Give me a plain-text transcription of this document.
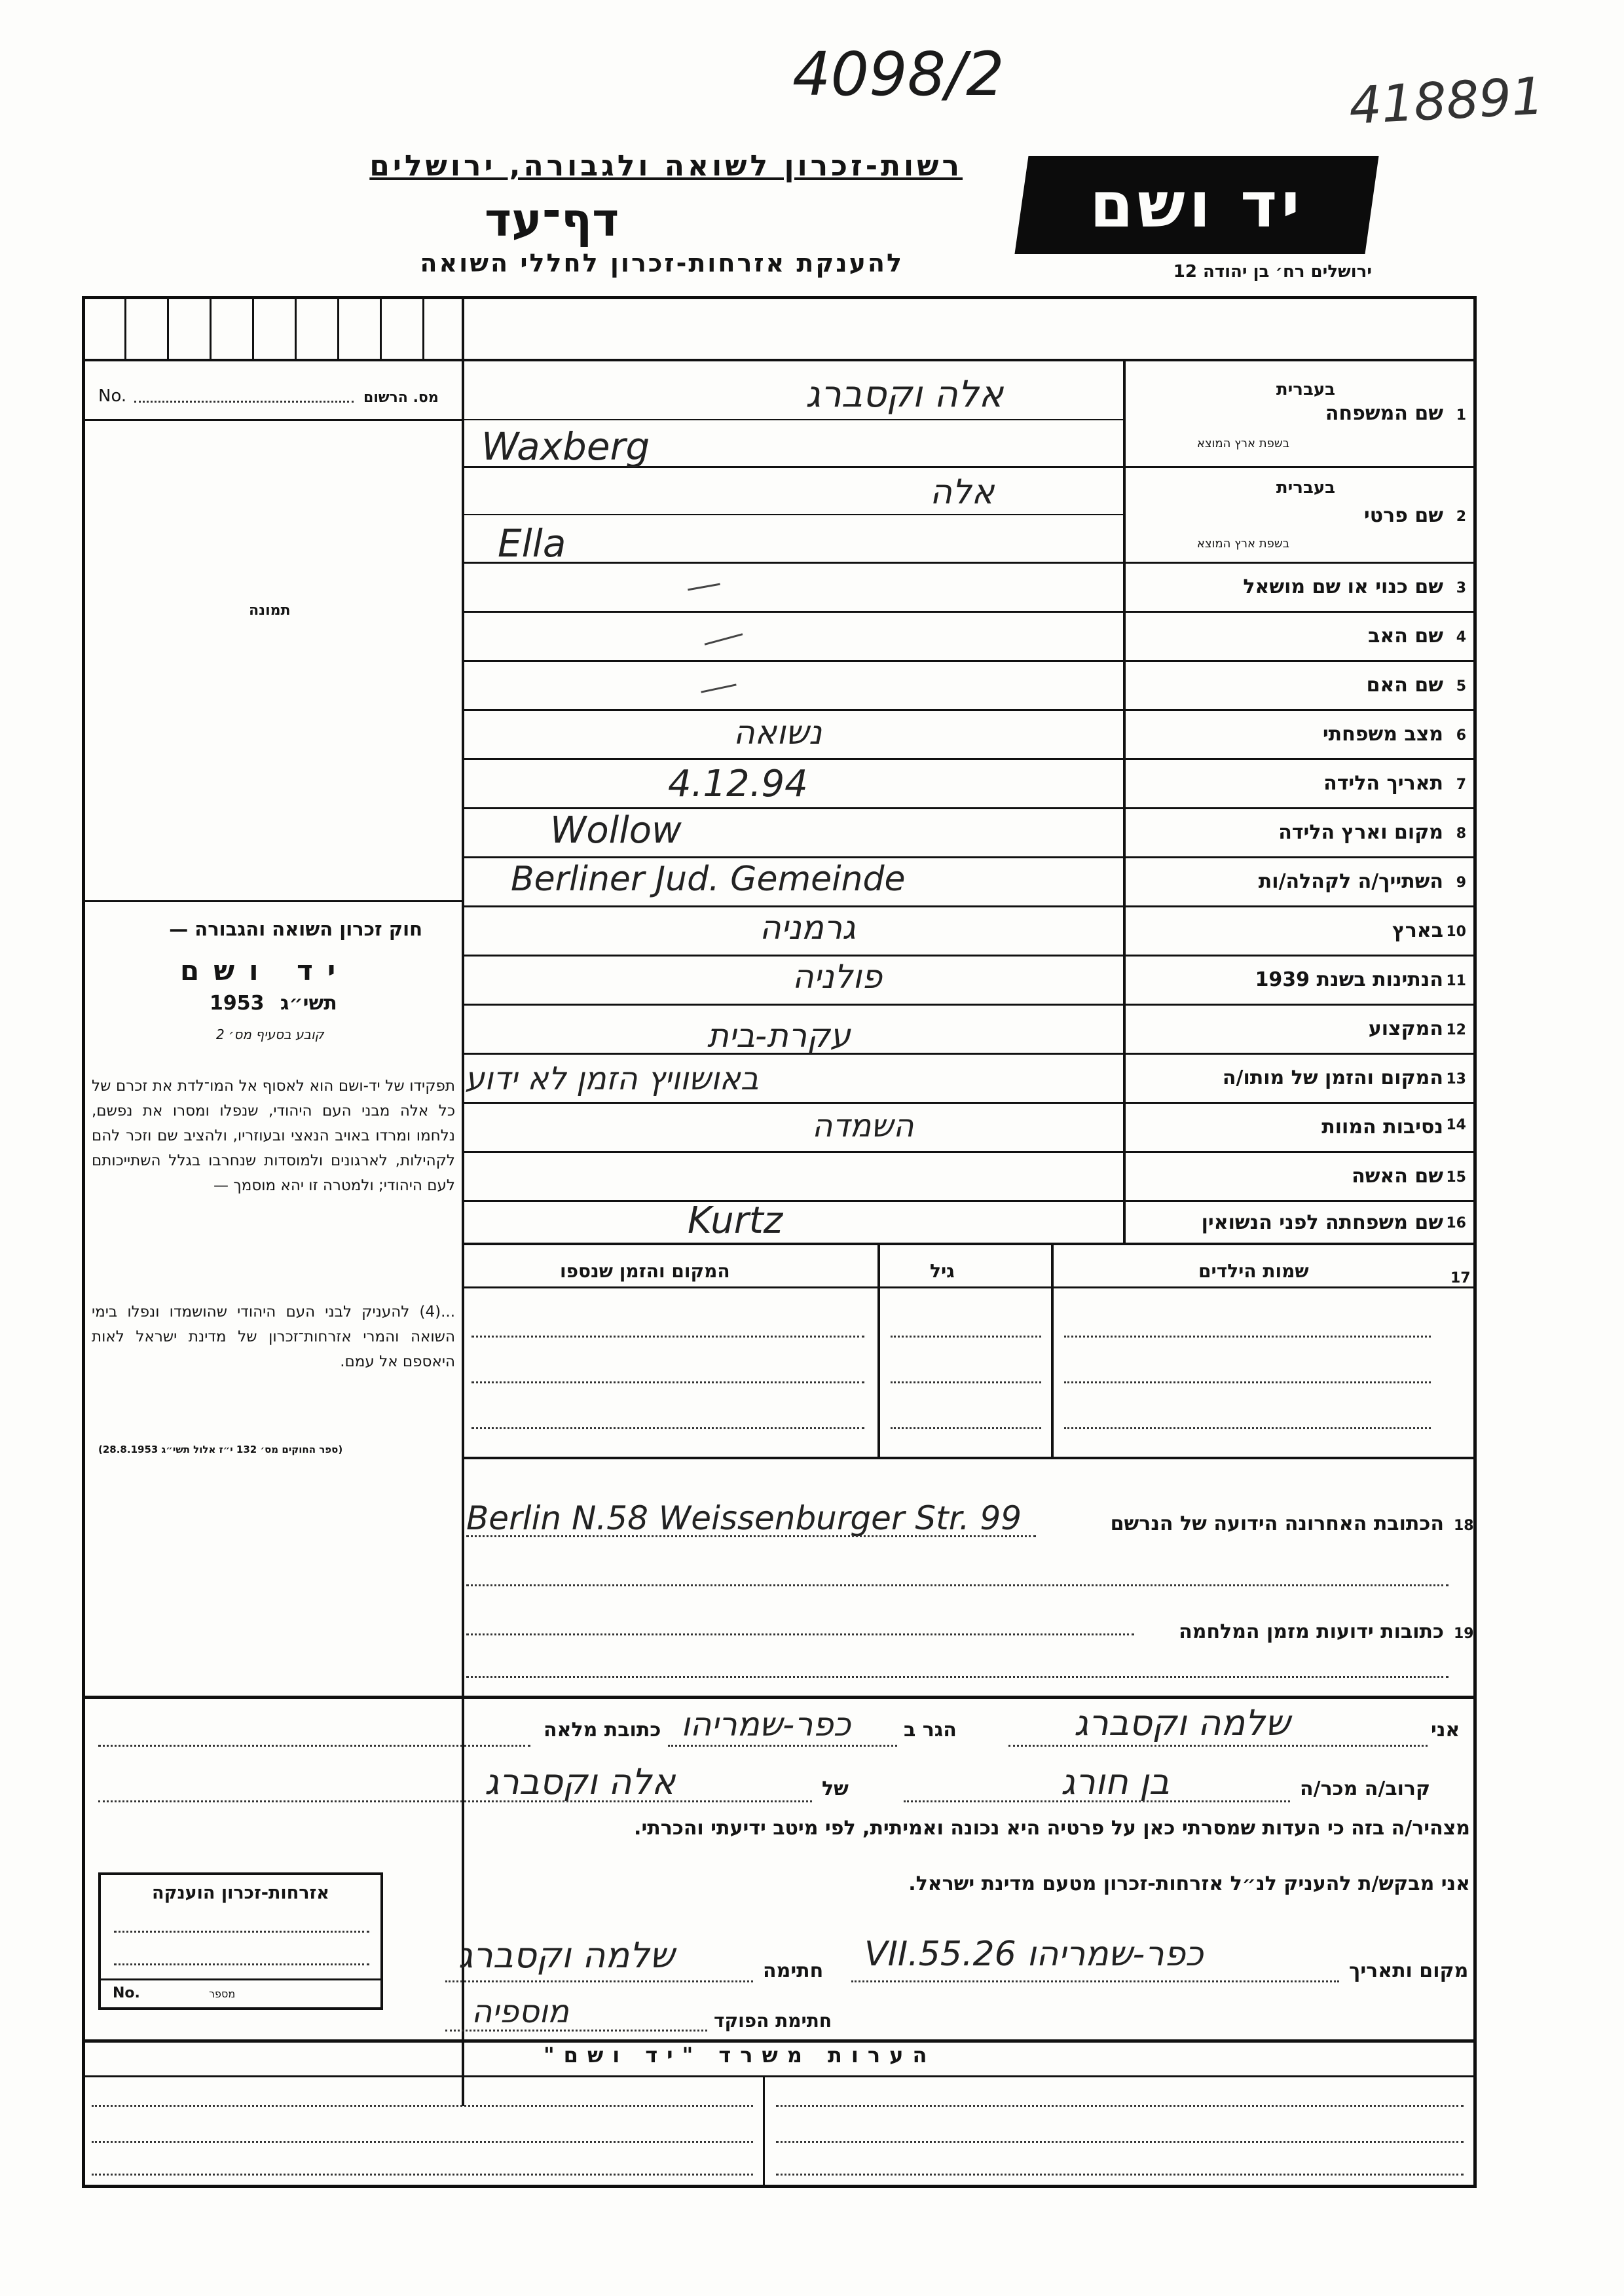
4098/2	418891
רשות-זכרון לשואה ולגבורה, ירושלים
דף־עד
להענקת אזרחות-זכרון לחללי השואה
יד ושם
ירושלים רח׳ בן יהודה 12
No.	מס. הרשום
תמונה
חוק זכרון השואה והגבורה —
יד ושם
1953 תשי״ג
קובע בסעיף מס׳ 2
תפקידו של יד-ושם הוא לאסוף אל המו־לדת את זכרם של כל אלה מבני העם היהודי, שנפלו ומסרו את נפשם, נלחמו ומרדו באויב הנאצי ובעוזריו, ולהציב שם וזכר להם לקהילות, לארגונים ולמוסדות שנחרבו בגלל השתייכותם לעם היהודי; ולמטרה זו יהא מוסמך —
...(4) להעניק לבני העם היהודי שהושמדו ונפלו בימי השואה והמרי אזרחות־זכרון של מדינת ישראל לאות היאספם אל עמם.
(ספר החוקים מס׳ 132 י״ז אלול תשי״ג 28.8.1953)
1
שם המשפחה
בעברית
בשפת ארץ המוצא
אלה וקסברג
Waxberg
2
שם פרטי
בעברית
בשפת ארץ המוצא
אלה
Ella
3
שם כנוי או שם מושאל
4
שם האב
5
שם האם
6
מצב משפחתי
נשואה
7
תאריך הלידה
4.12.94
8
מקום וארץ הלידה
Wollow
9
השתייך/ה לקהלה/ות
Berliner Jud. Gemeinde
10
בארץ
גרמניה
11
הנתינות בשנת 1939
פולניה
12
המקצוע
עקרת-בית
13
המקום והזמן של מותו/ה
באושוויץ הזמן לא ידוע
14
נסיבות המוות
השמדה
15
שם האשה
16
שם משפחתה לפני הנשואין
Kurtz
17
שמות הילדים
גיל
המקום והזמן שנספו
Berlin N.58 Weissenburger Str. 99	הכתובת האחרונה הידועה של הנרשם 18
כתובות ידועות מזמן המלחמה 19
אני
שלמה וקסברג
הגר ב
כפר-שמריהו
כתובת מלאה
קרוב/ה מכר/ה
בן חורג
של
אלה וקסברג
מצהיר/ה בזה כי העדות שמסרתי כאן על פרטיה היא נכונה ואמיתית, לפי מיטב ידיעתי והכרתי.
אני מבקש/ת להעניק לנ״ל אזרחות-זכרון מטעם מדינת ישראל.
מקום ותאריך
כפר-שמריהו 26.VII.55
חתימה
שלמה וקסברג
חתימת הפוקד
מוספיה
אזרחות-זכרון הוענקה
No.	מספר
הערות משרד "יד ושם"
